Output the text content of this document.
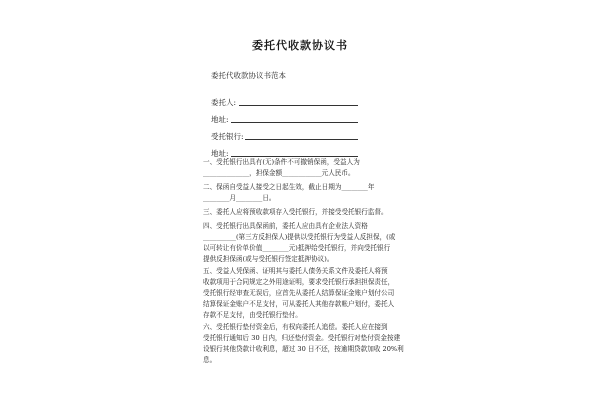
委托代收款协议书
委托代收款协议书范本
委托人:
地址:
受托银行:
地址:
一、受托银行出具有(无)条件不可撤销保函，受益人为
______________，担保金额____________元人民币。
二、保函自受益人接受之日起生效，截止日期为________年
________月________日。
三、委托人应将预收款项存入受托银行，并接受受托银行监督。
四、受托银行出具保函前，委托人应由具有企业法人资格
__________(第三方反担保人)提供以受托银行为受益人反担保，(或
以可转让有价单价值________元)抵押给受托银行，并向受托银行
提供反担保函(或与受托银行签定抵押协议)。
五、受益人凭保函、证明其与委托人债务关系文件及委托人将预
收款项用于合同规定之外用途证明，要求受托银行承担担保责任，
受托银行经审查无误后，应首先从委托人结算保证金账户划付公司
结算保证金账户不足支付，可从委托人其他存款帐户划付，委托人
存款不足支付，由受托银行垫付。
六、受托银行垫付资金后，有权向委托人追偿。委托人应在接到
受托银行通知后 30 日内，归还垫付资金。受托银行对垫付资金按建
设银行其他贷款计收利息，超过 30 日不还，按逾期贷款加收 20%利
息。
